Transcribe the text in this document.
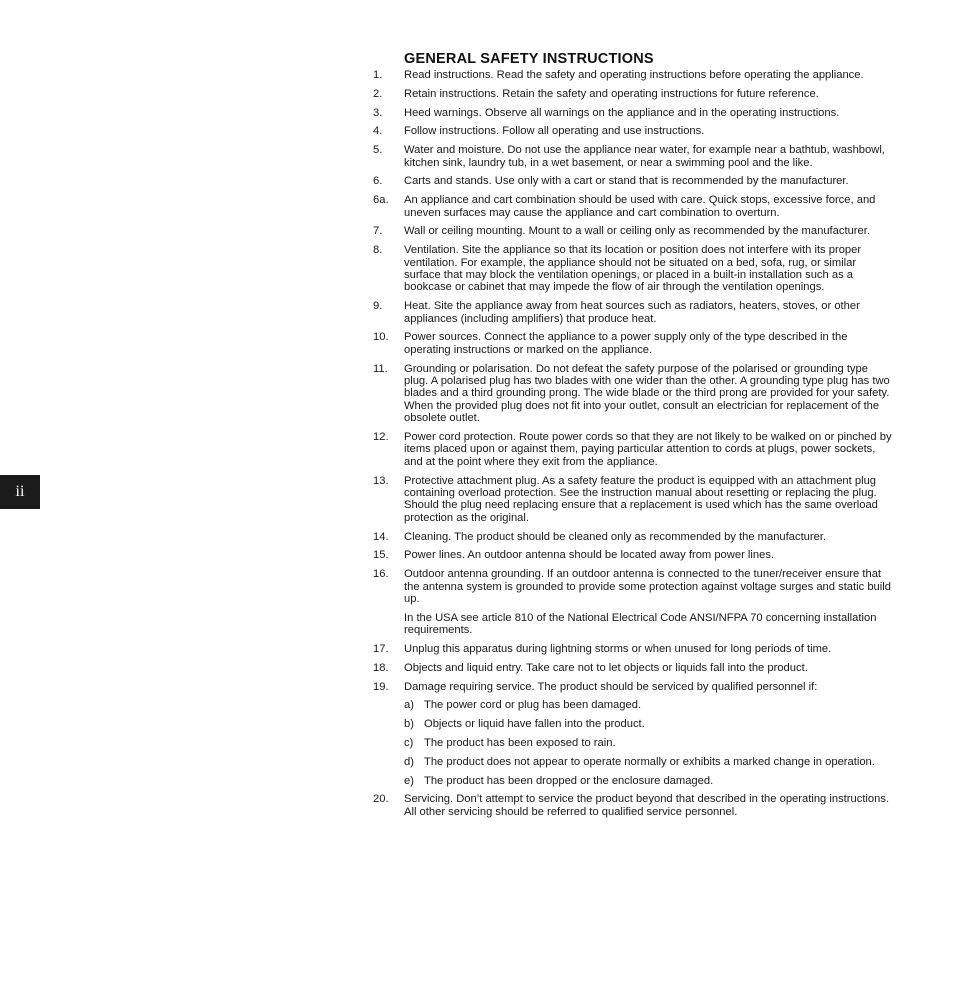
ii
GENERAL SAFETY INSTRUCTIONS
1.	Read instructions. Read the safety and operating instructions before operating the appliance.
2.	Retain instructions. Retain the safety and operating instructions for future reference.
3.	Heed warnings. Observe all warnings on the appliance and in the operating instructions.
4.	Follow instructions. Follow all operating and use instructions.
5.	Water and moisture. Do not use the appliance near water, for example near a bathtub, washbowl, kitchen sink, laundry tub, in a wet basement, or near a swimming pool and the like.
6.	Carts and stands. Use only with a cart or stand that is recommended by the manufacturer.
6a.	An appliance and cart combination should be used with care. Quick stops, excessive force, and uneven surfaces may cause the appliance and cart combination to overturn.
7.	Wall or ceiling mounting. Mount to a wall or ceiling only as recommended by the manufacturer.
8.	Ventilation. Site the appliance so that its location or position does not interfere with its proper ventilation. For example, the appliance should not be situated on a bed, sofa, rug, or similar surface that may block the ventilation openings, or placed in a built-in installation such as a bookcase or cabinet that may impede the flow of air through the ventilation openings.
9.	Heat. Site the appliance away from heat sources such as radiators, heaters, stoves, or other appliances (including amplifiers) that produce heat.
10.	Power sources. Connect the appliance to a power supply only of the type described in the operating instructions or marked on the appliance.
11.	Grounding or polarisation. Do not defeat the safety purpose of the polarised or grounding type plug. A polarised plug has two blades with one wider than the other. A grounding type plug has two blades and a third grounding prong. The wide blade or the third prong are provided for your safety. When the provided plug does not fit into your outlet, consult an electrician for replacement of the obsolete outlet.
12.	Power cord protection. Route power cords so that they are not likely to be walked on or pinched by items placed upon or against them, paying particular attention to cords at plugs, power sockets, and at the point where they exit from the appliance.
13.	Protective attachment plug. As a safety feature the product is equipped with an attachment plug containing overload protection. See the instruction manual about resetting or replacing the plug. Should the plug need replacing ensure that a replacement is used which has the same overload protection as the original.
14.	Cleaning. The product should be cleaned only as recommended by the manufacturer.
15.	Power lines. An outdoor antenna should be located away from power lines.
16.	Outdoor antenna grounding. If an outdoor antenna is connected to the tuner/receiver ensure that the antenna system is grounded to provide some protection against voltage surges and static build up.
In the USA see article 810 of the National Electrical Code ANSI/NFPA 70 concerning installation requirements.
17.	Unplug this apparatus during lightning storms or when unused for long periods of time.
18.	Objects and liquid entry. Take care not to let objects or liquids fall into the product.
19.	Damage requiring service. The product should be serviced by qualified personnel if:
a) The power cord or plug has been damaged.
b) Objects or liquid have fallen into the product.
c) The product has been exposed to rain.
d) The product does not appear to operate normally or exhibits a marked change in operation.
e) The product has been dropped or the enclosure damaged.
20.	Servicing. Don’t attempt to service the product beyond that described in the operating instructions. All other servicing should be referred to qualified service personnel.
